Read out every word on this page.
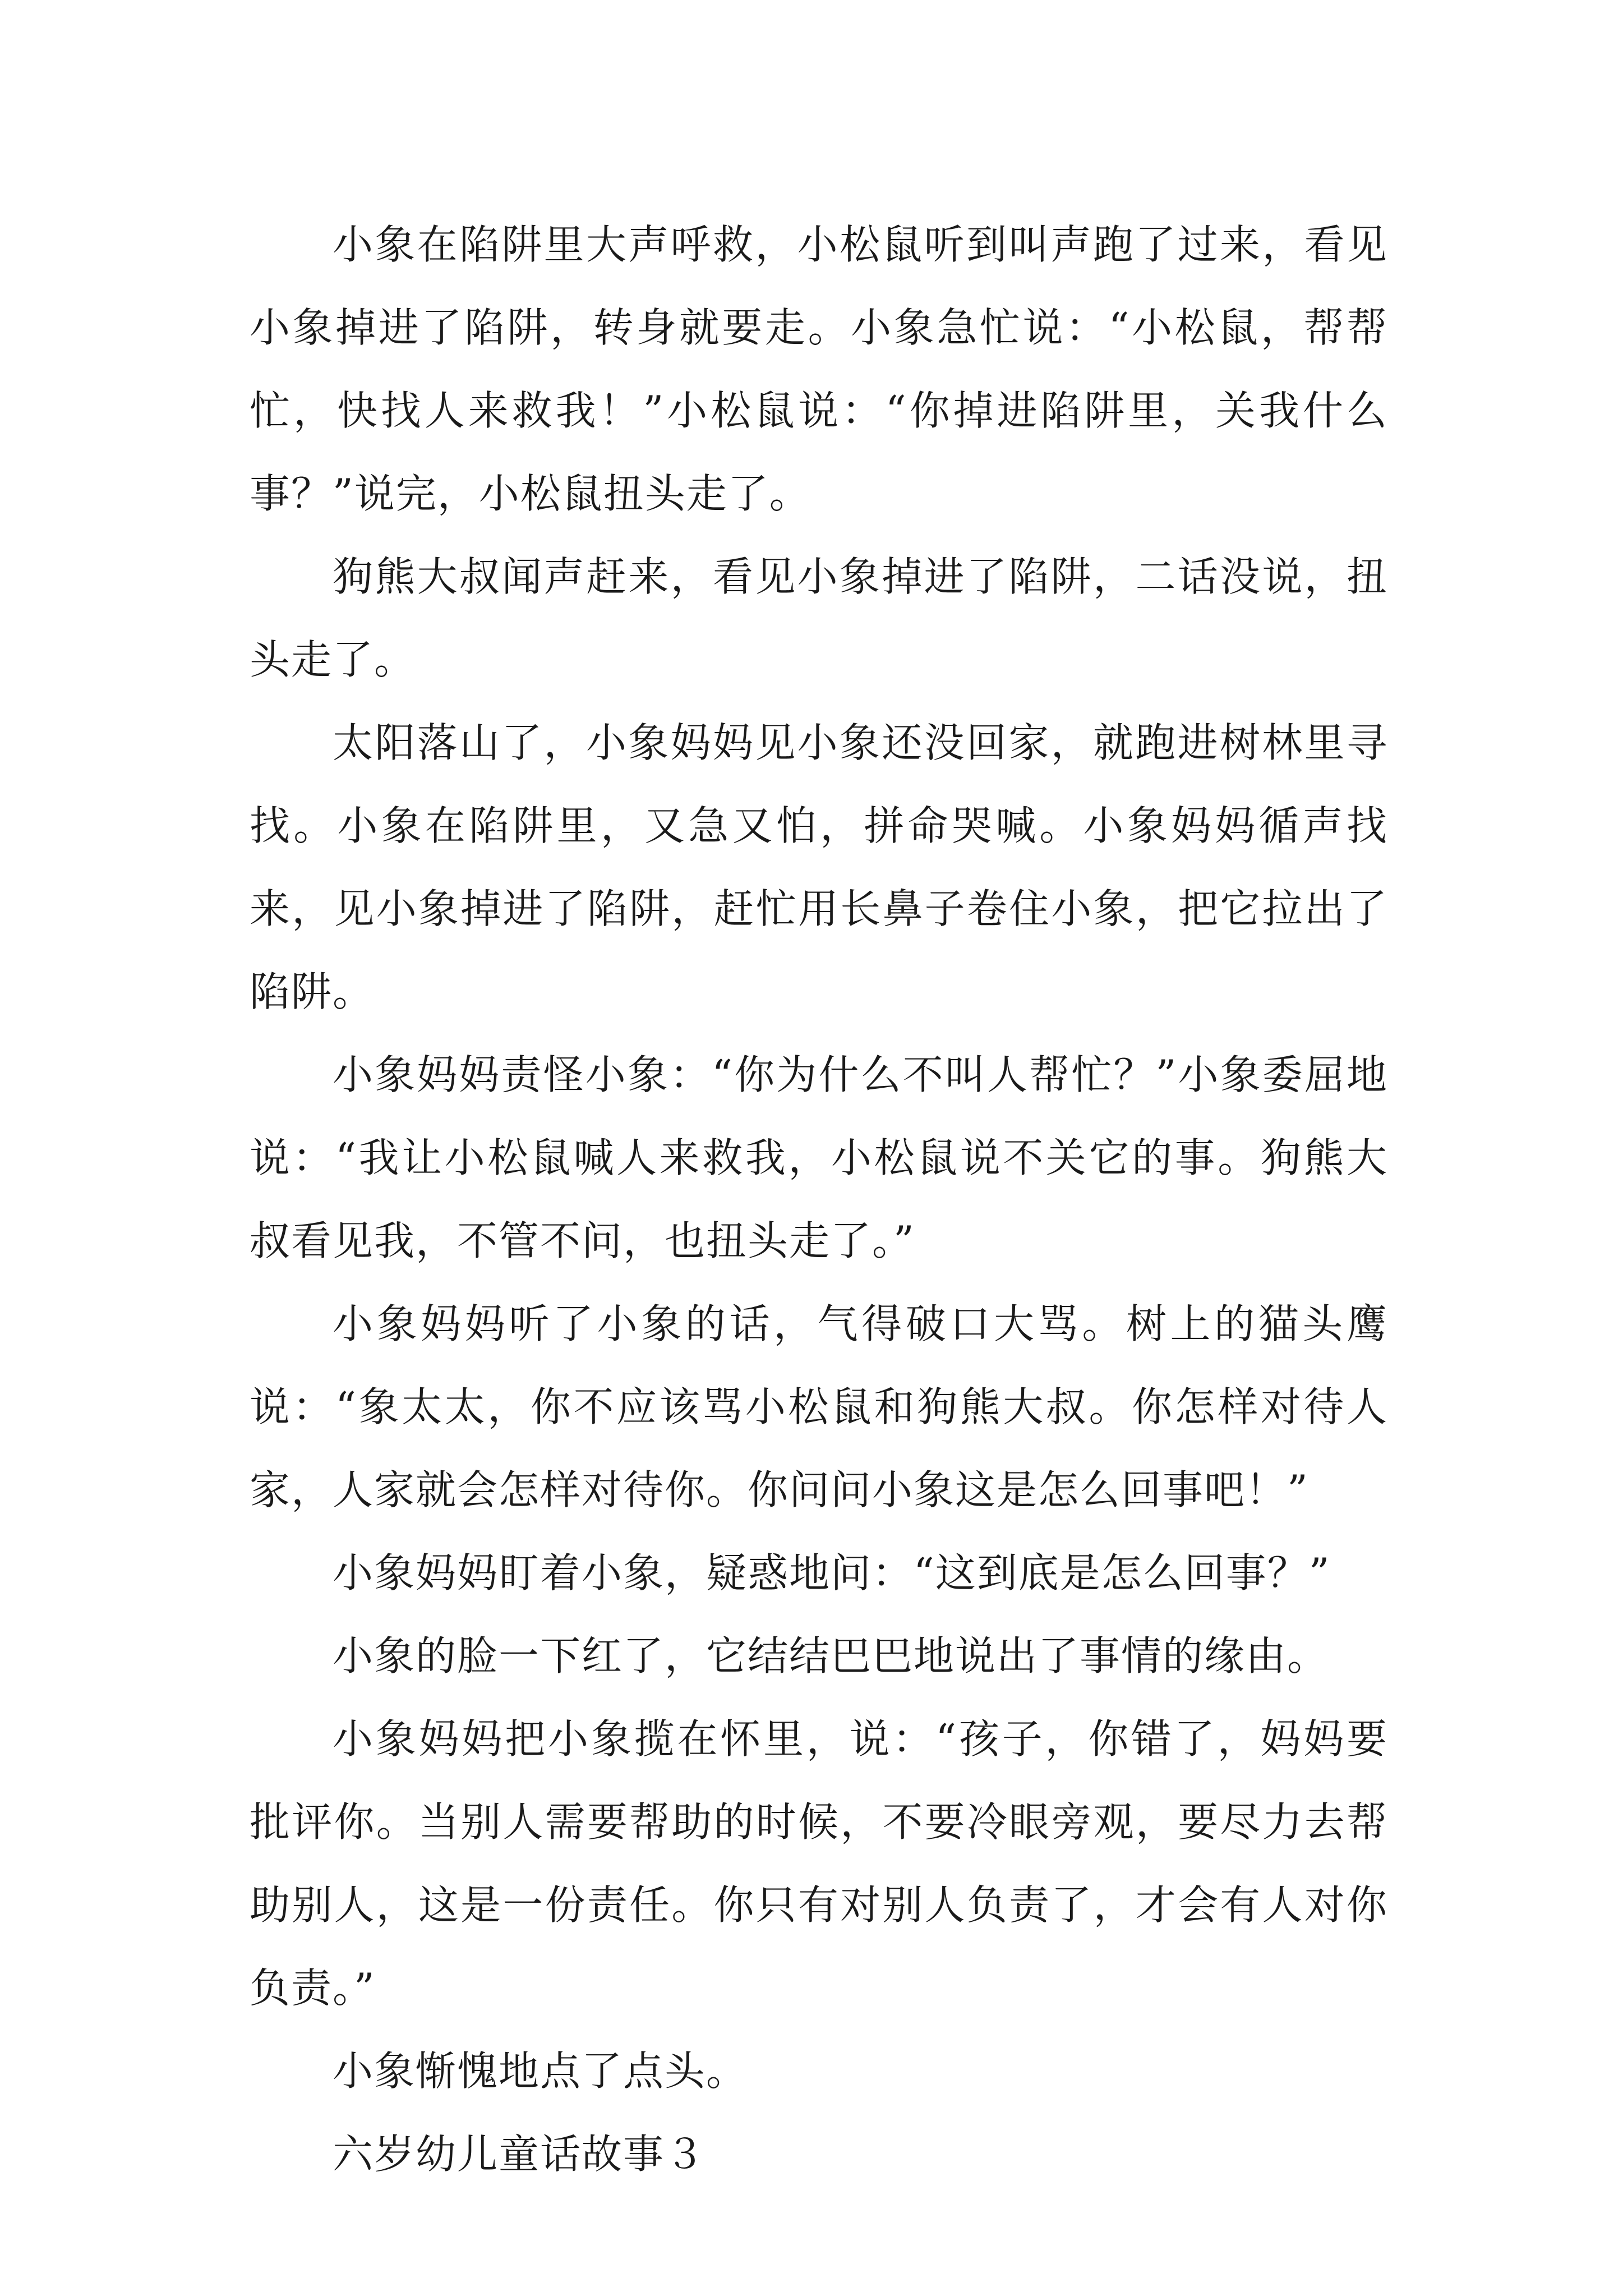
小象在陷阱里大声呼救，小松鼠听到叫声跑了过来，看见小象掉进了陷阱，转身就要走。小象急忙说：“小松鼠，帮帮忙，快找人来救我！”小松鼠说：“你掉进陷阱里，关我什么事？”说完，小松鼠扭头走了。

狗熊大叔闻声赶来，看见小象掉进了陷阱，二话没说，扭头走了。

太阳落山了，小象妈妈见小象还没回家，就跑进树林里寻找。小象在陷阱里，又急又怕，拼命哭喊。小象妈妈循声找来，见小象掉进了陷阱，赶忙用长鼻子卷住小象，把它拉出了陷阱。

小象妈妈责怪小象：“你为什么不叫人帮忙？”小象委屈地说：“我让小松鼠喊人来救我，小松鼠说不关它的事。狗熊大叔看见我，不管不问，也扭头走了。”

小象妈妈听了小象的话，气得破口大骂。树上的猫头鹰说：“象太太，你不应该骂小松鼠和狗熊大叔。你怎样对待人家，人家就会怎样对待你。你问问小象这是怎么回事吧！”

小象妈妈盯着小象，疑惑地问：“这到底是怎么回事？”

小象的脸一下红了，它结结巴巴地说出了事情的缘由。

小象妈妈把小象揽在怀里，说：“孩子，你错了，妈妈要批评你。当别人需要帮助的时候，不要冷眼旁观，要尽力去帮助别人，这是一份责任。你只有对别人负责了，才会有人对你负责。”

小象惭愧地点了点头。

六岁幼儿童话故事３
